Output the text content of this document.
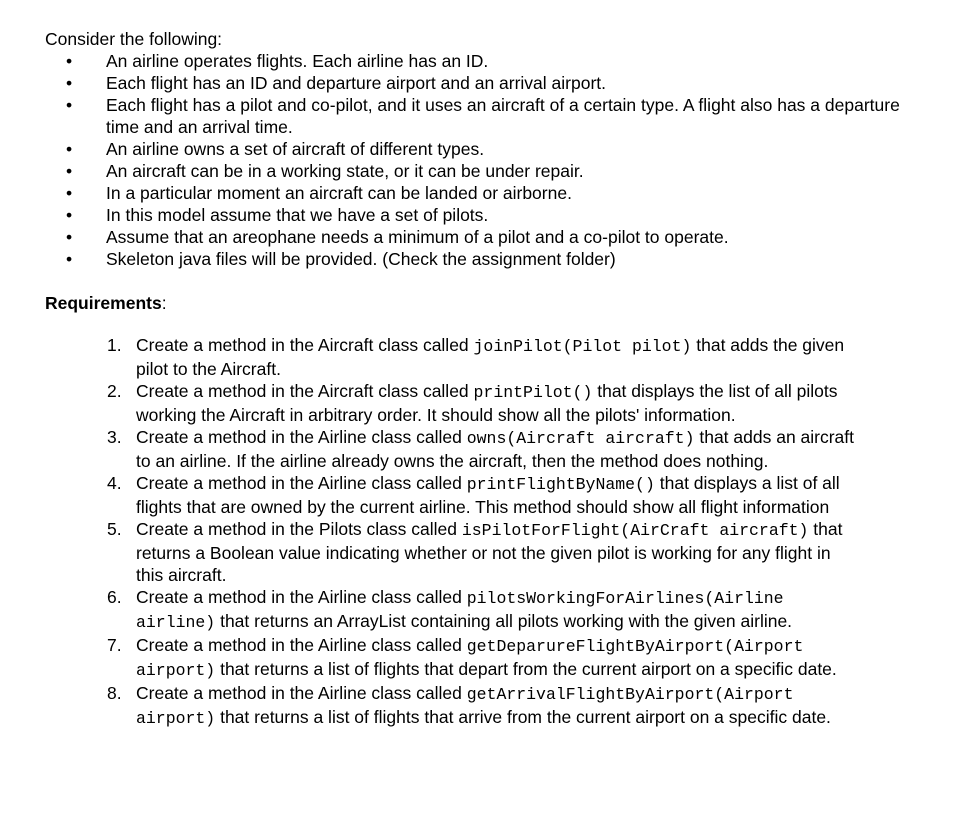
Consider the following:

• An airline operates flights. Each airline has an ID.
• Each flight has an ID and departure airport and an arrival airport.
• Each flight has a pilot and co-pilot, and it uses an aircraft of a certain type. A flight also has a departure time and an arrival time.
• An airline owns a set of aircraft of different types.
• An aircraft can be in a working state, or it can be under repair.
• In a particular moment an aircraft can be landed or airborne.
• In this model assume that we have a set of pilots.
• Assume that an areophane needs a minimum of a pilot and a co-pilot to operate.
• Skeleton java files will be provided. (Check the assignment folder)

Requirements:

1. Create a method in the Aircraft class called joinPilot(Pilot pilot) that adds the given pilot to the Aircraft.
2. Create a method in the Aircraft class called printPilot() that displays the list of all pilots working the Aircraft in arbitrary order. It should show all the pilots' information.
3. Create a method in the Airline class called owns(Aircraft aircraft) that adds an aircraft to an airline. If the airline already owns the aircraft, then the method does nothing.
4. Create a method in the Airline class called printFlightByName() that displays a list of all flights that are owned by the current airline. This method should show all flight information
5. Create a method in the Pilots class called isPilotForFlight(AirCraft aircraft) that returns a Boolean value indicating whether or not the given pilot is working for any flight in this aircraft.
6. Create a method in the Airline class called pilotsWorkingForAirlines(Airline airline) that returns an ArrayList containing all pilots working with the given airline.
7. Create a method in the Airline class called getDeparureFlightByAirport(Airport airport) that returns a list of flights that depart from the current airport on a specific date.
8. Create a method in the Airline class called getArrivalFlightByAirport(Airport airport) that returns a list of flights that arrive from the current airport on a specific date.
